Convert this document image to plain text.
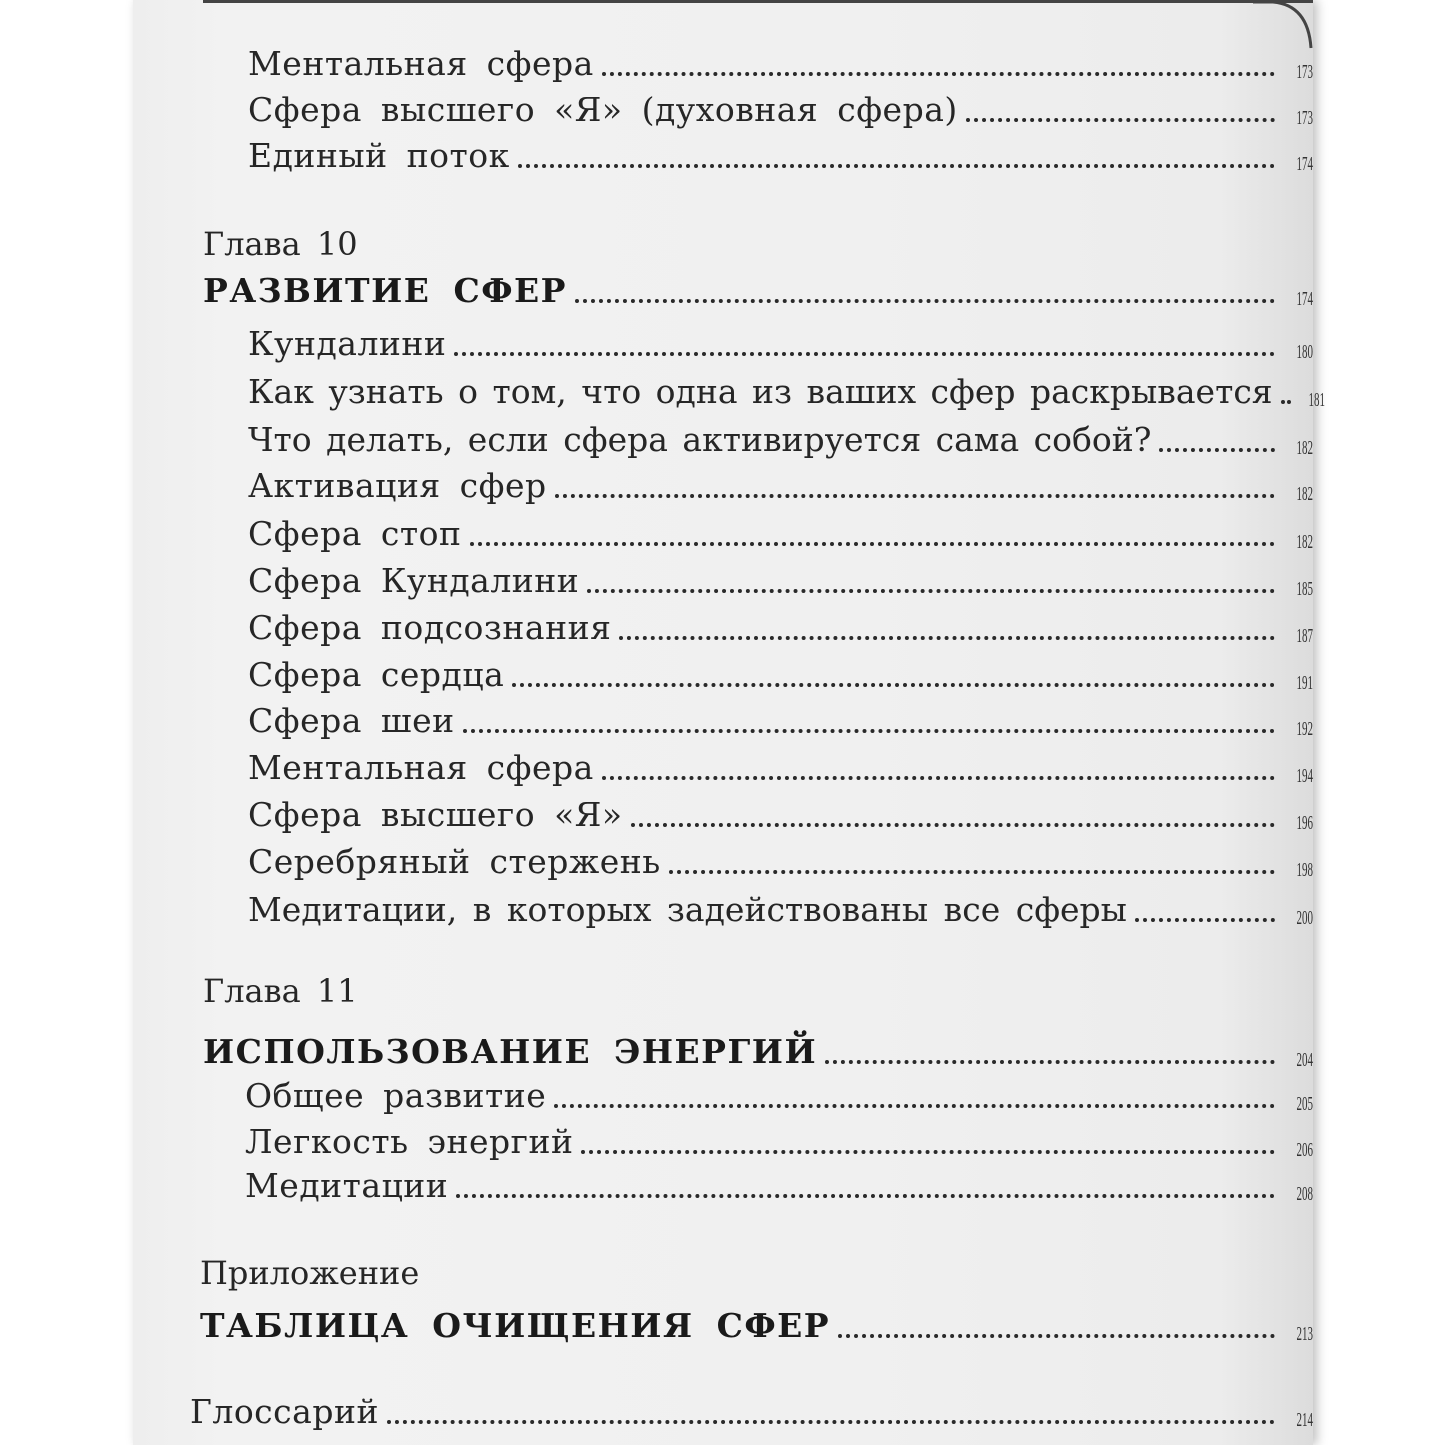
Ментальная сфера	173
Сфера высшего «Я» (духовная сфера)	173
Единый поток	174
Глава 10
РАЗВИТИЕ СФЕР	174
Кундалини	180
Как узнать о том, что одна из ваших сфер раскрывается 181
Что делать, если сфера активируется сама собой?	182
Активация сфер	182
Сфера стоп	182
Сфера Кундалини	185
Сфера подсознания	187
Сфера сердца	191
Сфера шеи	192
Ментальная сфера	194
Сфера высшего «Я»	196
Серебряный стержень	198
Медитации, в которых задействованы все сферы	200
Глава 11
ИСПОЛЬЗОВАНИЕ ЭНЕРГИЙ	204
Общее развитие	205
Легкость энергий	206
Медитации	208
Приложение
ТАБЛИЦА ОЧИЩЕНИЯ СФЕР	213
Глоссарий	214
